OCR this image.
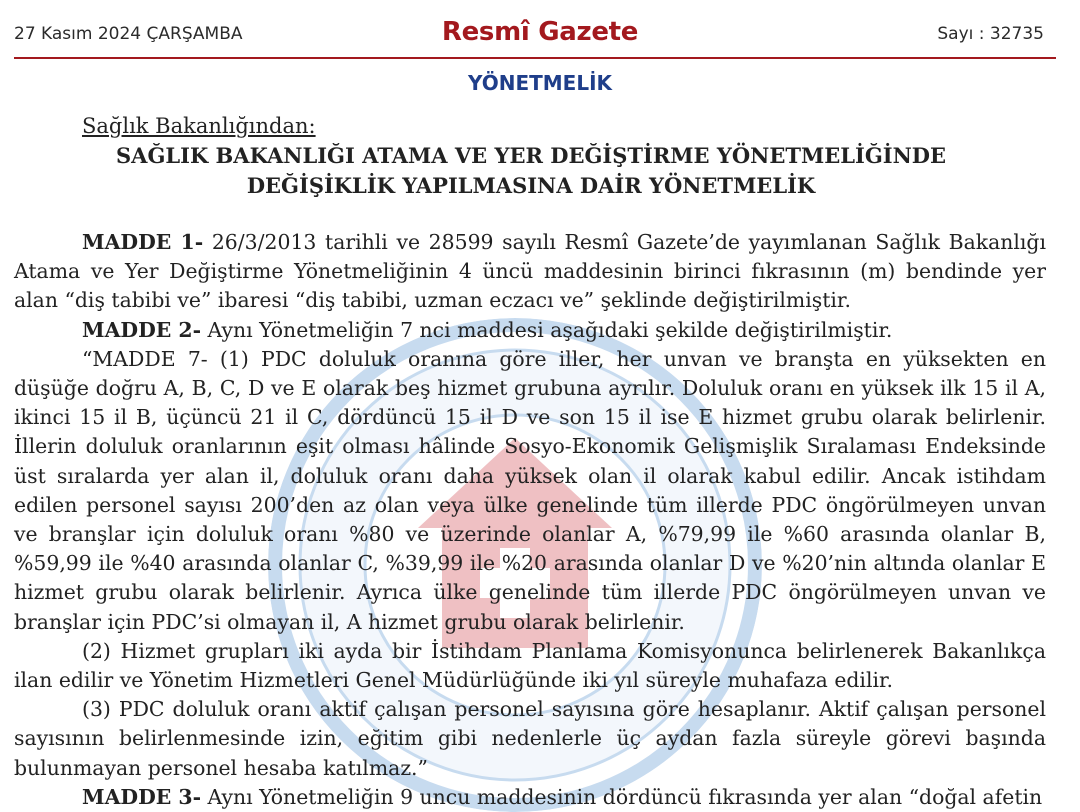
27 Kasım 2024 ÇARŞAMBA	Resmî Gazete	Sayı : 32735
YÖNETMELİK
Sağlık Bakanlığından:
SAĞLIK BAKANLIĞI ATAMA VE YER DEĞİŞTİRME YÖNETMELİĞİNDE
DEĞİŞİKLİK YAPILMASINA DAİR YÖNETMELİK

MADDE 1- 26/3/2013 tarihli ve 28599 sayılı Resmî Gazete’de yayımlanan Sağlık Bakanlığı Atama ve Yer Değiştirme Yönetmeliğinin 4 üncü maddesinin birinci fıkrasının (m) bendinde yer alan “diş tabibi ve” ibaresi “diş tabibi, uzman eczacı ve” şeklinde değiştirilmiştir.

MADDE 2- Aynı Yönetmeliğin 7 nci maddesi aşağıdaki şekilde değiştirilmiştir.

“MADDE 7- (1) PDC doluluk oranına göre iller, her unvan ve branşta en yüksekten en düşüğe doğru A, B, C, D ve E olarak beş hizmet grubuna ayrılır. Doluluk oranı en yüksek ilk 15 il A, ikinci 15 il B, üçüncü 21 il C, dördüncü 15 il D ve son 15 il ise E hizmet grubu olarak belirlenir. İllerin doluluk oranlarının eşit olması hâlinde Sosyo-Ekonomik Gelişmişlik Sıralaması Endeksinde üst sıralarda yer alan il, doluluk oranı daha yüksek olan il olarak kabul edilir. Ancak istihdam edilen personel sayısı 200’den az olan veya ülke genelinde tüm illerde PDC öngörülmeyen unvan ve branşlar için doluluk oranı %80 ve üzerinde olanlar A, %79,99 ile %60 arasında olanlar B, %59,99 ile %40 arasında olanlar C, %39,99 ile %20 arasında olanlar D ve %20’nin altında olanlar E hizmet grubu olarak belirlenir. Ayrıca ülke genelinde tüm illerde PDC öngörülmeyen unvan ve branşlar için PDC’si olmayan il, A hizmet grubu olarak belirlenir.

(2) Hizmet grupları iki ayda bir İstihdam Planlama Komisyonunca belirlenerek Bakanlıkça ilan edilir ve Yönetim Hizmetleri Genel Müdürlüğünde iki yıl süreyle muhafaza edilir.

(3) PDC doluluk oranı aktif çalışan personel sayısına göre hesaplanır. Aktif çalışan personel sayısının belirlenmesinde izin, eğitim gibi nedenlerle üç aydan fazla süreyle görevi başında bulunmayan personel hesaba katılmaz.”

MADDE 3- Aynı Yönetmeliğin 9 uncu maddesinin dördüncü fıkrasında yer alan “doğal afetin
